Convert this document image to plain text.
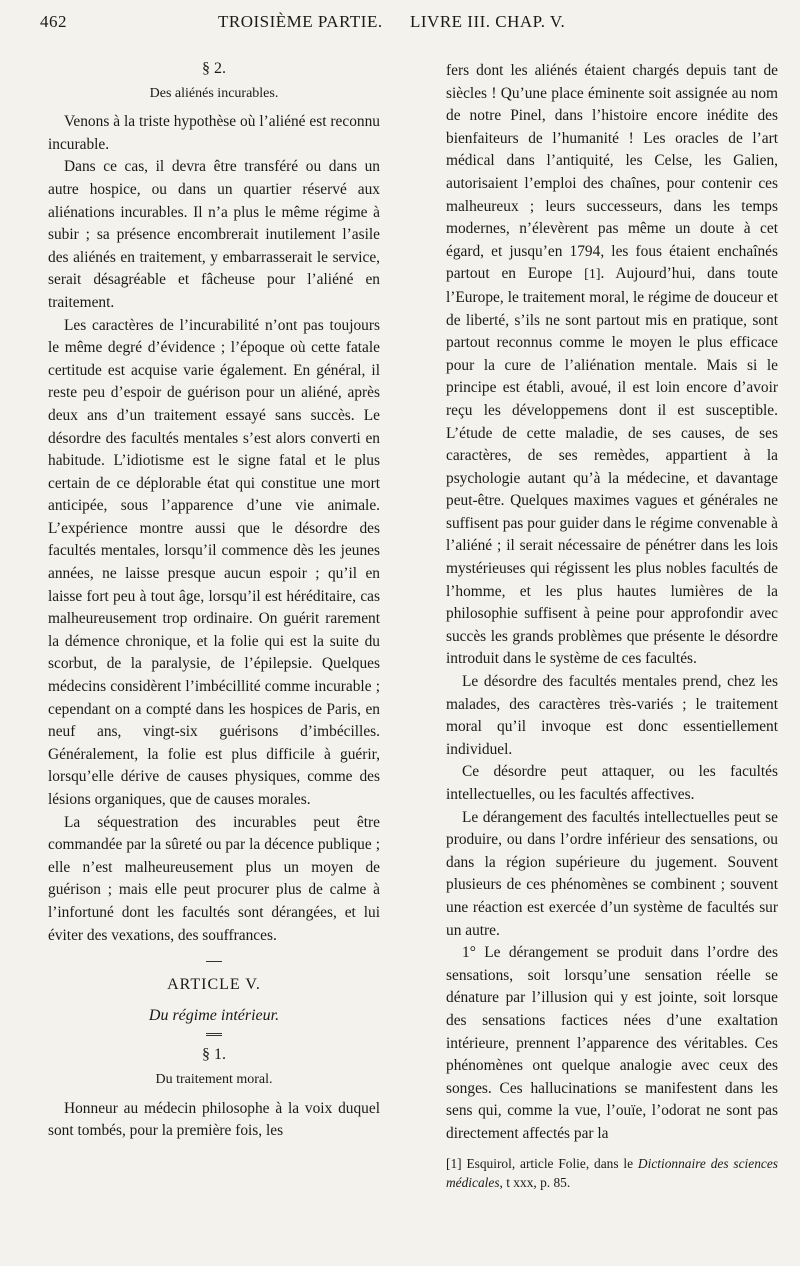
462	TROISIÈME PARTIE. LIVRE III. CHAP. V.
§ 2.
Des aliénés incurables.

Venons à la triste hypothèse où l’aliéné est reconnu incurable.

Dans ce cas, il devra être transféré ou dans un autre hospice, ou dans un quartier réservé aux aliénations incurables. Il n’a plus le même régime à subir ; sa présence encombrerait inutilement l’asile des aliénés en traitement, y embarrasserait le service, serait désagréable et fâcheuse pour l’aliéné en traitement.

Les caractères de l’incurabilité n’ont pas toujours le même degré d’évidence ; l’époque où cette fatale certitude est acquise varie également. En général, il reste peu d’espoir de guérison pour un aliéné, après deux ans d’un traitement essayé sans succès. Le désordre des facultés mentales s’est alors converti en habitude. L’idiotisme est le signe fatal et le plus certain de ce déplorable état qui constitue une mort anticipée, sous l’apparence d’une vie animale. L’expérience montre aussi que le désordre des facultés mentales, lorsqu’il commence dès les jeunes années, ne laisse presque aucun espoir ; qu’il en laisse fort peu à tout âge, lorsqu’il est héréditaire, cas malheureusement trop ordinaire. On guérit rarement la démence chronique, et la folie qui est la suite du scorbut, de la paralysie, de l’épilepsie. Quelques médecins considèrent l’imbécillité comme incurable ; cependant on a compté dans les hospices de Paris, en neuf ans, vingt-six guérisons d’imbécilles. Généralement, la folie est plus difficile à guérir, lorsqu’elle dérive de causes physiques, comme des lésions organiques, que de causes morales.

La séquestration des incurables peut être commandée par la sûreté ou par la décence publique ; elle n’est malheureusement plus un moyen de guérison ; mais elle peut procurer plus de calme à l’infortuné dont les facultés sont dérangées, et lui éviter des vexations, des souffrances.

ARTICLE V.
Du régime intérieur.
§ 1.
Du traitement moral.

Honneur au médecin philosophe à la voix duquel sont tombés, pour la première fois, les

fers dont les aliénés étaient chargés depuis tant de siècles ! Qu’une place éminente soit assignée au nom de notre Pinel, dans l’histoire encore inédite des bienfaiteurs de l’humanité ! Les oracles de l’art médical dans l’antiquité, les Celse, les Galien, autorisaient l’emploi des chaînes, pour contenir ces malheureux ; leurs successeurs, dans les temps modernes, n’élevèrent pas même un doute à cet égard, et jusqu’en 1794, les fous étaient enchaînés partout en Europe [1]. Aujourd’hui, dans toute l’Europe, le traitement moral, le régime de douceur et de liberté, s’ils ne sont partout mis en pratique, sont partout reconnus comme le moyen le plus efficace pour la cure de l’aliénation mentale. Mais si le principe est établi, avoué, il est loin encore d’avoir reçu les développemens dont il est susceptible. L’étude de cette maladie, de ses causes, de ses caractères, de ses remèdes, appartient à la psychologie autant qu’à la médecine, et davantage peut-être. Quelques maximes vagues et générales ne suffisent pas pour guider dans le régime convenable à l’aliéné ; il serait nécessaire de pénétrer dans les lois mystérieuses qui régissent les plus nobles facultés de l’homme, et les plus hautes lumières de la philosophie suffisent à peine pour approfondir avec succès les grands problèmes que présente le désordre introduit dans le système de ces facultés.

Le désordre des facultés mentales prend, chez les malades, des caractères très-variés ; le traitement moral qu’il invoque est donc essentiellement individuel.

Ce désordre peut attaquer, ou les facultés intellectuelles, ou les facultés affectives.

Le dérangement des facultés intellectuelles peut se produire, ou dans l’ordre inférieur des sensations, ou dans la région supérieure du jugement. Souvent plusieurs de ces phénomènes se combinent ; souvent une réaction est exercée d’un système de facultés sur un autre.

1° Le dérangement se produit dans l’ordre des sensations, soit lorsqu’une sensation réelle se dénature par l’illusion qui y est jointe, soit lorsque des sensations factices nées d’une exaltation intérieure, prennent l’apparence des véritables. Ces phénomènes ont quelque analogie avec ceux des songes. Ces hallucinations se manifestent dans les sens qui, comme la vue, l’ouïe, l’odorat ne sont pas directement affectés par la

[1] Esquirol, article Folie, dans le Dictionnaire des sciences médicales, t xxx, p. 85.
